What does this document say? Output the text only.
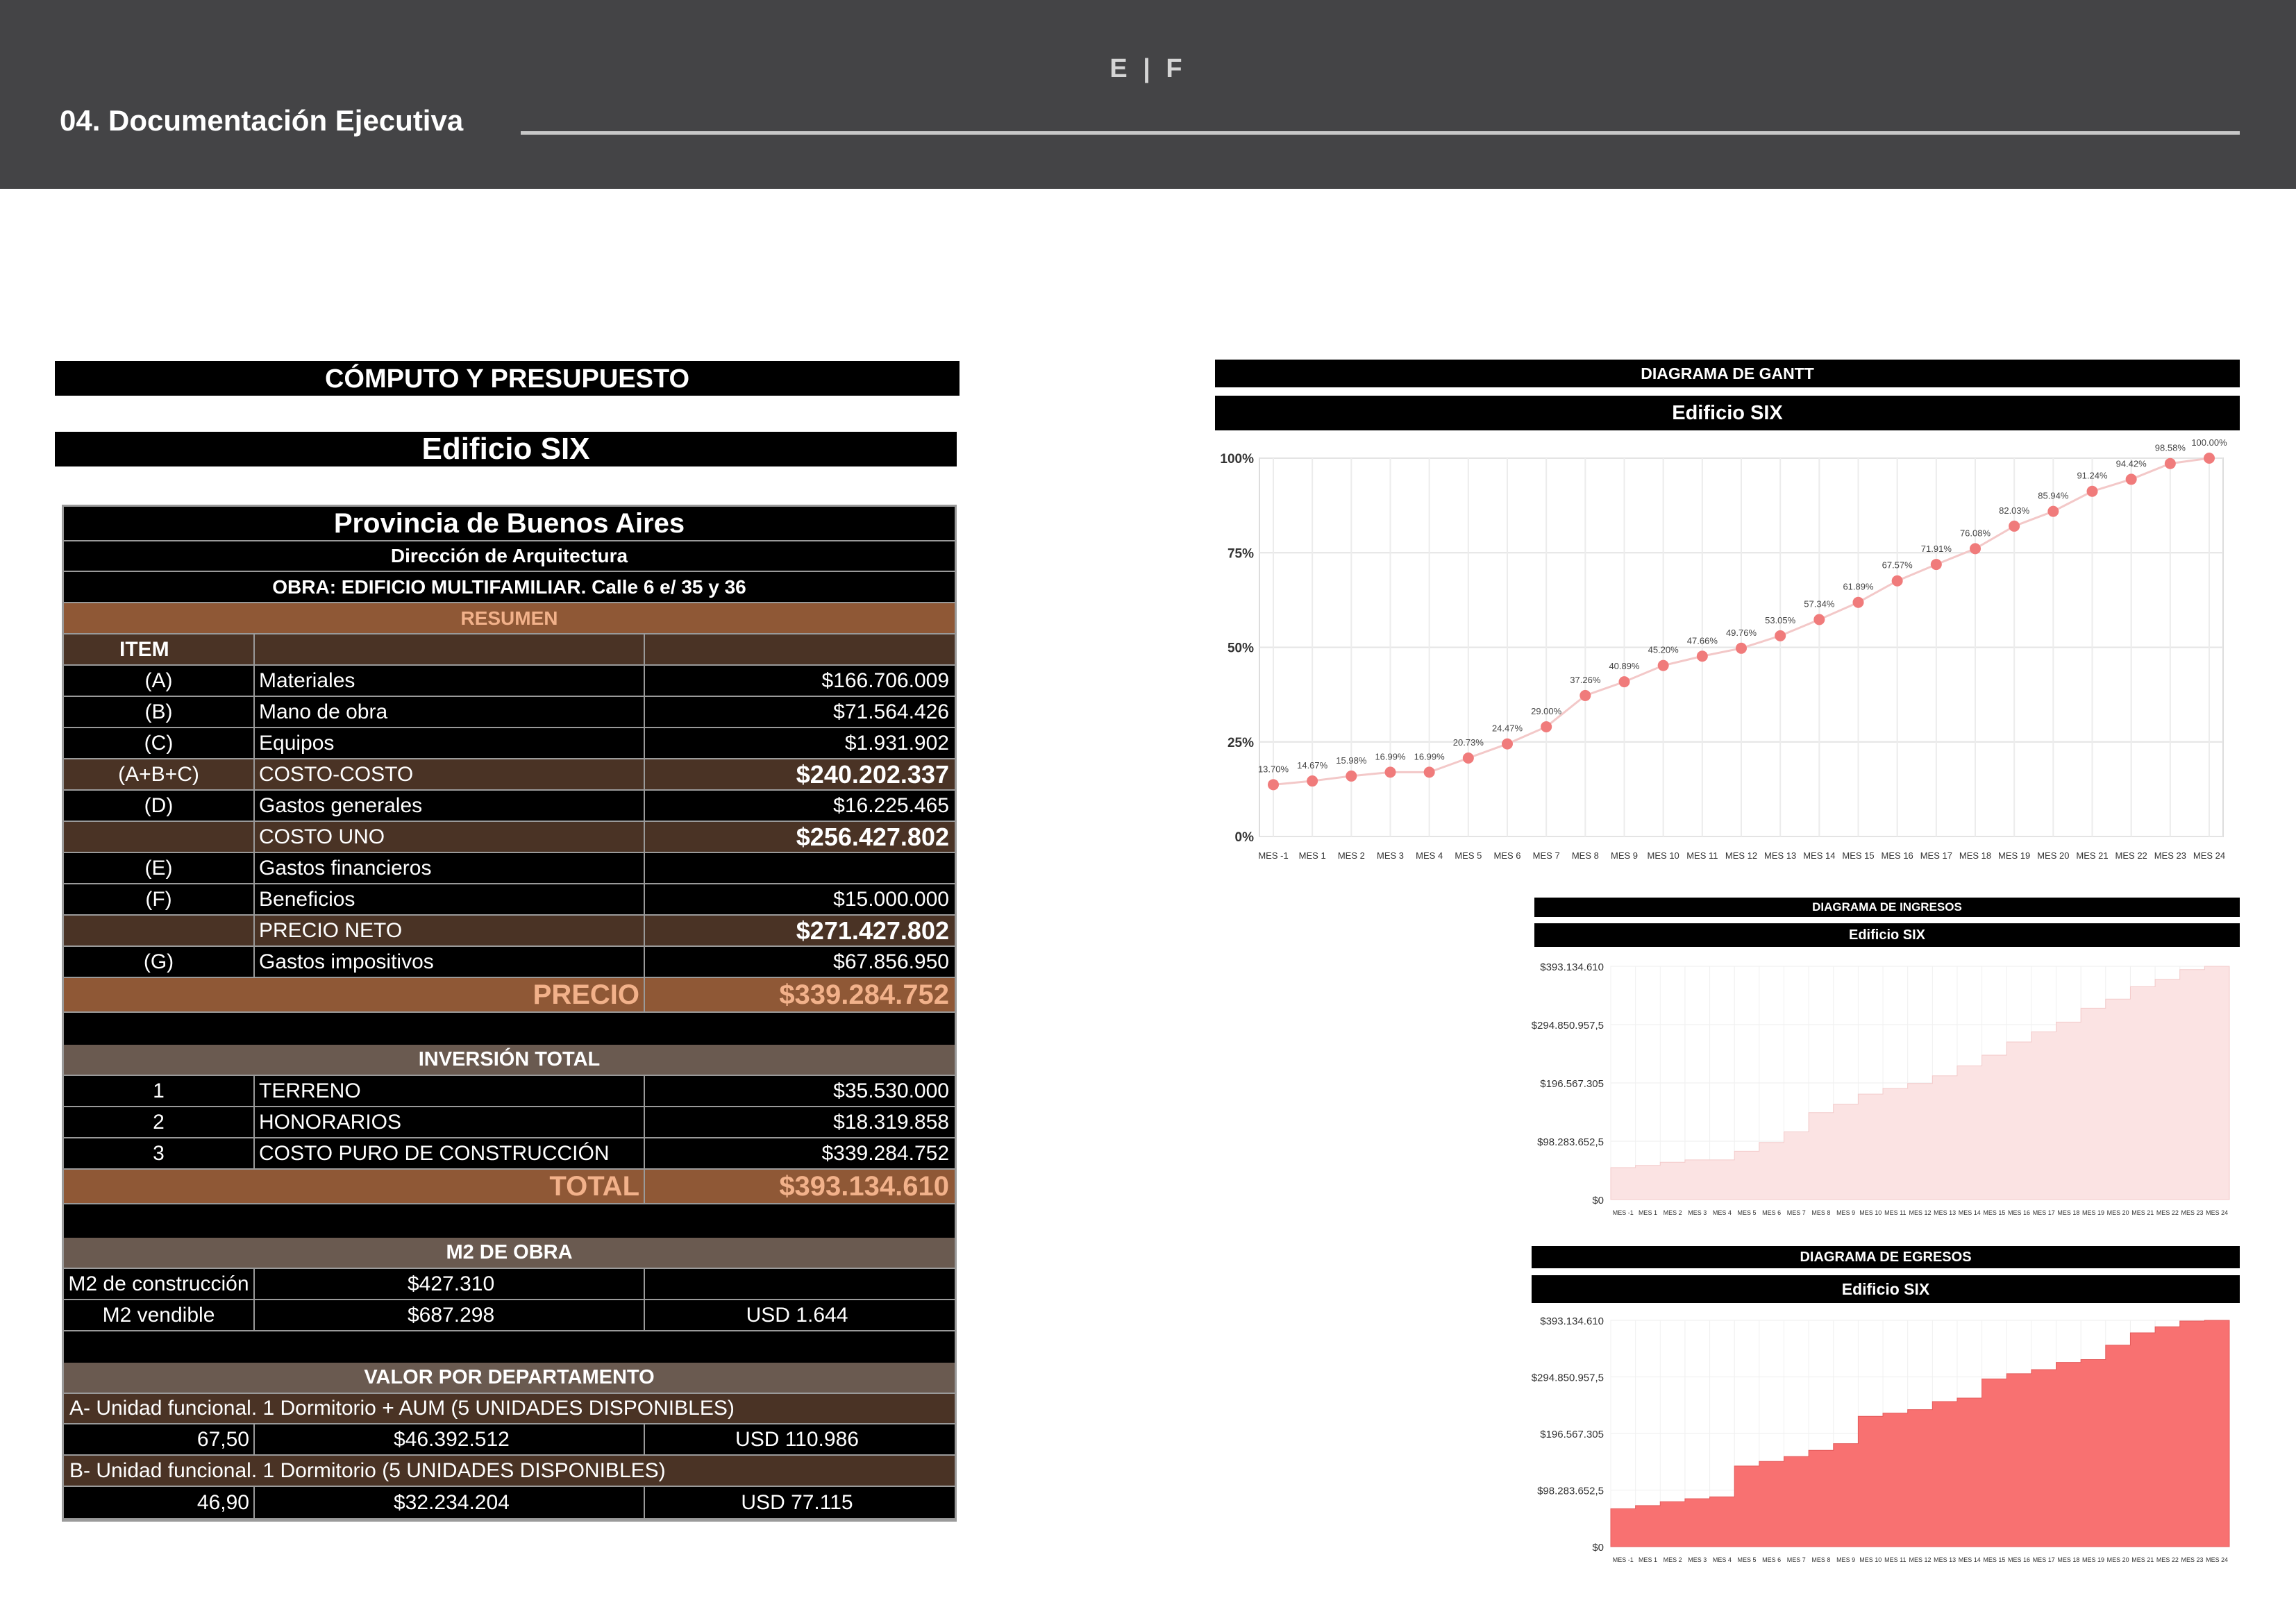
E | F
04. Documentación Ejecutiva
CÓMPUTO Y PRESUPUESTO
Edificio SIX
Provincia de Buenos Aires
Dirección de Arquitectura
OBRA: EDIFICIO MULTIFAMILIAR. Calle 6 e/ 35 y 36
RESUMEN
ITEM
(A)	Materiales	$166.706.009
(B)	Mano de obra	$71.564.426
(C)	Equipos	$1.931.902
(A+B+C)	COSTO-COSTO	$240.202.337
(D)	Gastos generales	$16.225.465
COSTO UNO	$256.427.802
(E)	Gastos financieros
(F)	Beneficios	$15.000.000
PRECIO NETO	$271.427.802
(G)	Gastos impositivos	$67.856.950
PRECIO	$339.284.752
INVERSIÓN TOTAL
1	TERRENO	$35.530.000
2	HONORARIOS	$18.319.858
3	COSTO PURO DE CONSTRUCCIÓN	$339.284.752
TOTAL	$393.134.610
M2 DE OBRA
M2 de construcción	$427.310
M2 vendible	$687.298	USD 1.644
VALOR POR DEPARTAMENTO
A- Unidad funcional. 1 Dormitorio + AUM (5 UNIDADES DISPONIBLES)
67,50	$46.392.512	USD 110.986
B- Unidad funcional. 1 Dormitorio (5 UNIDADES DISPONIBLES)
46,90	$32.234.204	USD 77.115
DIAGRAMA DE GANTT
Edificio SIX
0%
25%
50%
75%
100%
MES -1 MES 1 MES 2 MES 3 MES 4 MES 5 MES 6 MES 7 MES 8 MES 9 MES 10 MES 11 MES 12 MES 13 MES 14 MES 15 MES 16 MES 17 MES 18 MES 19 MES 20 MES 21 MES 22 MES 23 MES 24
13.70% 14.67% 15.98% 16.99% 16.99%
20.73%
24.47%
29.00%
37.26%
40.89%
45.20%
47.66%
49.76%
53.05%
57.34%
61.89%
67.57%
71.91%
76.08%
82.03%
85.94%
91.24%
94.42%
98.58%
100.00%
DIAGRAMA DE INGRESOS
Edificio SIX
$0
$98.283.652,5
$196.567.305
$294.850.957,5
$393.134.610
MES -1 MES 1 MES 2 MES 3 MES 4 MES 5 MES 6 MES 7 MES 8 MES 9 MES 10 MES 11 MES 12 MES 13 MES 14 MES 15 MES 16 MES 17 MES 18 MES 19 MES 20 MES 21 MES 22 MES 23 MES 24
DIAGRAMA DE EGRESOS
Edificio SIX
$0
$98.283.652,5
$196.567.305
$294.850.957,5
$393.134.610
MES -1 MES 1 MES 2 MES 3 MES 4 MES 5 MES 6 MES 7 MES 8 MES 9 MES 10 MES 11 MES 12 MES 13 MES 14 MES 15 MES 16 MES 17 MES 18 MES 19 MES 20 MES 21 MES 22 MES 23 MES 24
